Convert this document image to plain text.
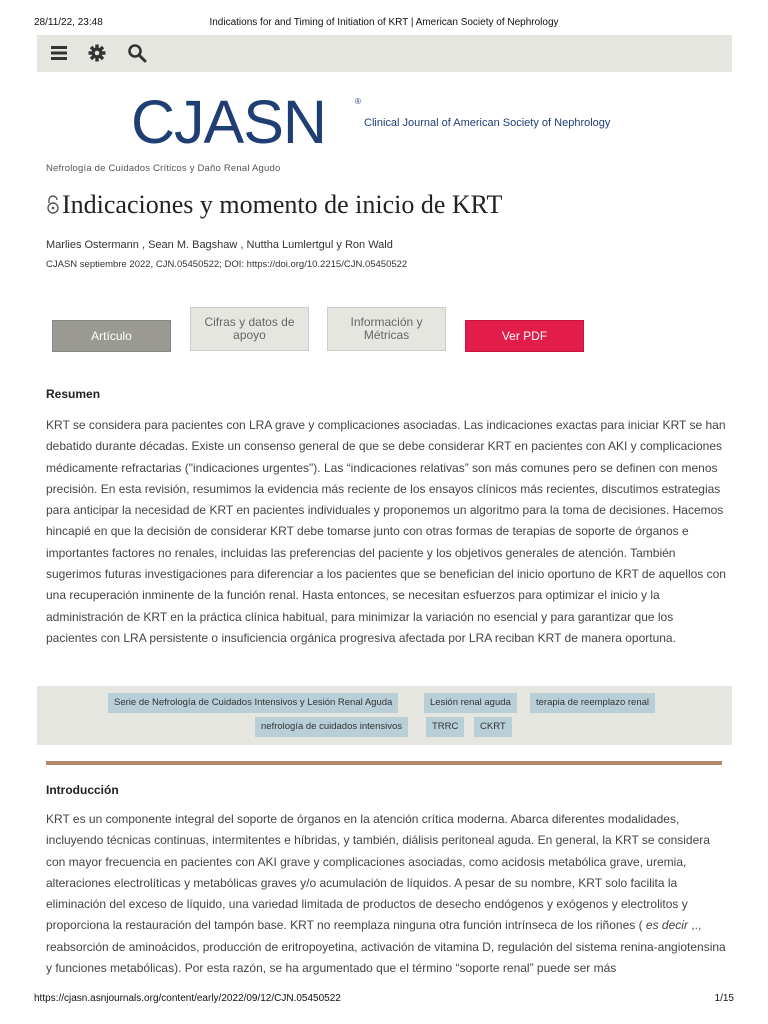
28/11/22, 23:48	Indications for and Timing of Initiation of KRT | American Society of Nephrology
CJASN	®
Clinical Journal of American Society of Nephrology
Nefrología de Cuidados Críticos y Daño Renal Agudo
Indicaciones y momento de inicio de KRT
Marlies Ostermann , Sean M. Bagshaw , Nuttha Lumlertgul y Ron Wald
CJASN septiembre 2022, CJN.05450522; DOI: https://doi.org/10.2215/CJN.05450522
Artículo
Cifras y datos de apoyo
Información y Métricas	Ver PDF
Resumen
KRT se considera para pacientes con LRA grave y complicaciones asociadas. Las indicaciones exactas para iniciar KRT se han debatido durante décadas. Existe un consenso general de que se debe considerar KRT en pacientes con AKI y complicaciones médicamente refractarias ("indicaciones urgentes"). Las “indicaciones relativas” son más comunes pero se definen con menos precisión. En esta revisión, resumimos la evidencia más reciente de los ensayos clínicos más recientes, discutimos estrategias para anticipar la necesidad de KRT en pacientes individuales y proponemos un algoritmo para la toma de decisiones. Hacemos hincapié en que la decisión de considerar KRT debe tomarse junto con otras formas de terapias de soporte de órganos e importantes factores no renales, incluidas las preferencias del paciente y los objetivos generales de atención. También sugerimos futuras investigaciones para diferenciar a los pacientes que se benefician del inicio oportuno de KRT de aquellos con una recuperación inminente de la función renal. Hasta entonces, se necesitan esfuerzos para optimizar el inicio y la administración de KRT en la práctica clínica habitual, para minimizar la variación no esencial y para garantizar que los pacientes con LRA persistente o insuficiencia orgánica progresiva afectada por LRA reciban KRT de manera oportuna.
Serie de Nefrología de Cuidados Intensivos y Lesión Renal Aguda	Lesión renal aguda	terapia de reemplazo renal
nefrología de cuidados intensivos	TRRC	CKRT
Introducción
KRT es un componente integral del soporte de órganos en la atención crítica moderna. Abarca diferentes modalidades, incluyendo técnicas continuas, intermitentes e híbridas, y también, diálisis peritoneal aguda. En general, la KRT se considera con mayor frecuencia en pacientes con AKI grave y complicaciones asociadas, como acidosis metabólica grave, uremia, alteraciones electrolíticas y metabólicas graves y/o acumulación de líquidos. A pesar de su nombre, KRT solo facilita la eliminación del exceso de líquido, una variedad limitada de productos de desecho endógenos y exógenos y electrolitos y proporciona la restauración del tampón base. KRT no reemplaza ninguna otra función intrínseca de los riñones ( es decir ,., reabsorción de aminoácidos, producción de eritropoyetina, activación de vitamina D, regulación del sistema renina-angiotensina y funciones metabólicas). Por esta razón, se ha argumentado que el término “soporte renal” puede ser más
https://cjasn.asnjournals.org/content/early/2022/09/12/CJN.05450522	1/15
